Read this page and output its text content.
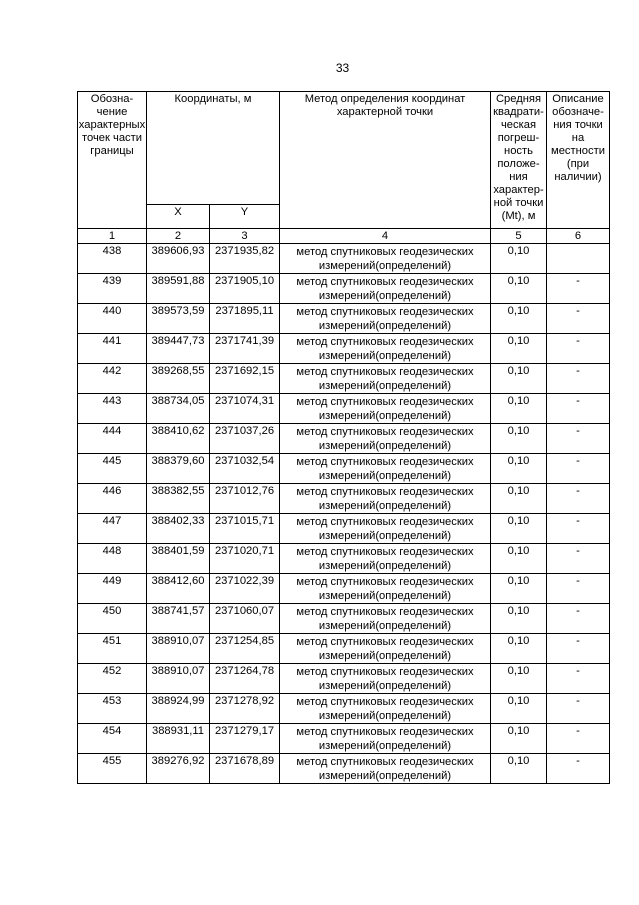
33
Обозначение характерных точек части границы	Координаты, м		Метод определения координат характерной точки	Средняя квадратическая погрешность положения характерной точки (Mt), м	Описание обозначения точки на местности (при наличии)
	X	Y			
1	2	3	4	5	6
438	389606,93	2371935,82	метод спутниковых геодезических измерений(определений)	0,10	
439	389591,88	2371905,10	метод спутниковых геодезических измерений(определений)	0,10	-
440	389573,59	2371895,11	метод спутниковых геодезических измерений(определений)	0,10	-
441	389447,73	2371741,39	метод спутниковых геодезических измерений(определений)	0,10	-
442	389268,55	2371692,15	метод спутниковых геодезических измерений(определений)	0,10	-
443	388734,05	2371074,31	метод спутниковых геодезических измерений(определений)	0,10	-
444	388410,62	2371037,26	метод спутниковых геодезических измерений(определений)	0,10	-
445	388379,60	2371032,54	метод спутниковых геодезических измерений(определений)	0,10	-
446	388382,55	2371012,76	метод спутниковых геодезических измерений(определений)	0,10	-
447	388402,33	2371015,71	метод спутниковых геодезических измерений(определений)	0,10	-
448	388401,59	2371020,71	метод спутниковых геодезических измерений(определений)	0,10	-
449	388412,60	2371022,39	метод спутниковых геодезических измерений(определений)	0,10	-
450	388741,57	2371060,07	метод спутниковых геодезических измерений(определений)	0,10	-
451	388910,07	2371254,85	метод спутниковых геодезических измерений(определений)	0,10	-
452	388910,07	2371264,78	метод спутниковых геодезических измерений(определений)	0,10	-
453	388924,99	2371278,92	метод спутниковых геодезических измерений(определений)	0,10	-
454	388931,11	2371279,17	метод спутниковых геодезических измерений(определений)	0,10	-
455	389276,92	2371678,89	метод спутниковых геодезических измерений(определений)	0,10	-
